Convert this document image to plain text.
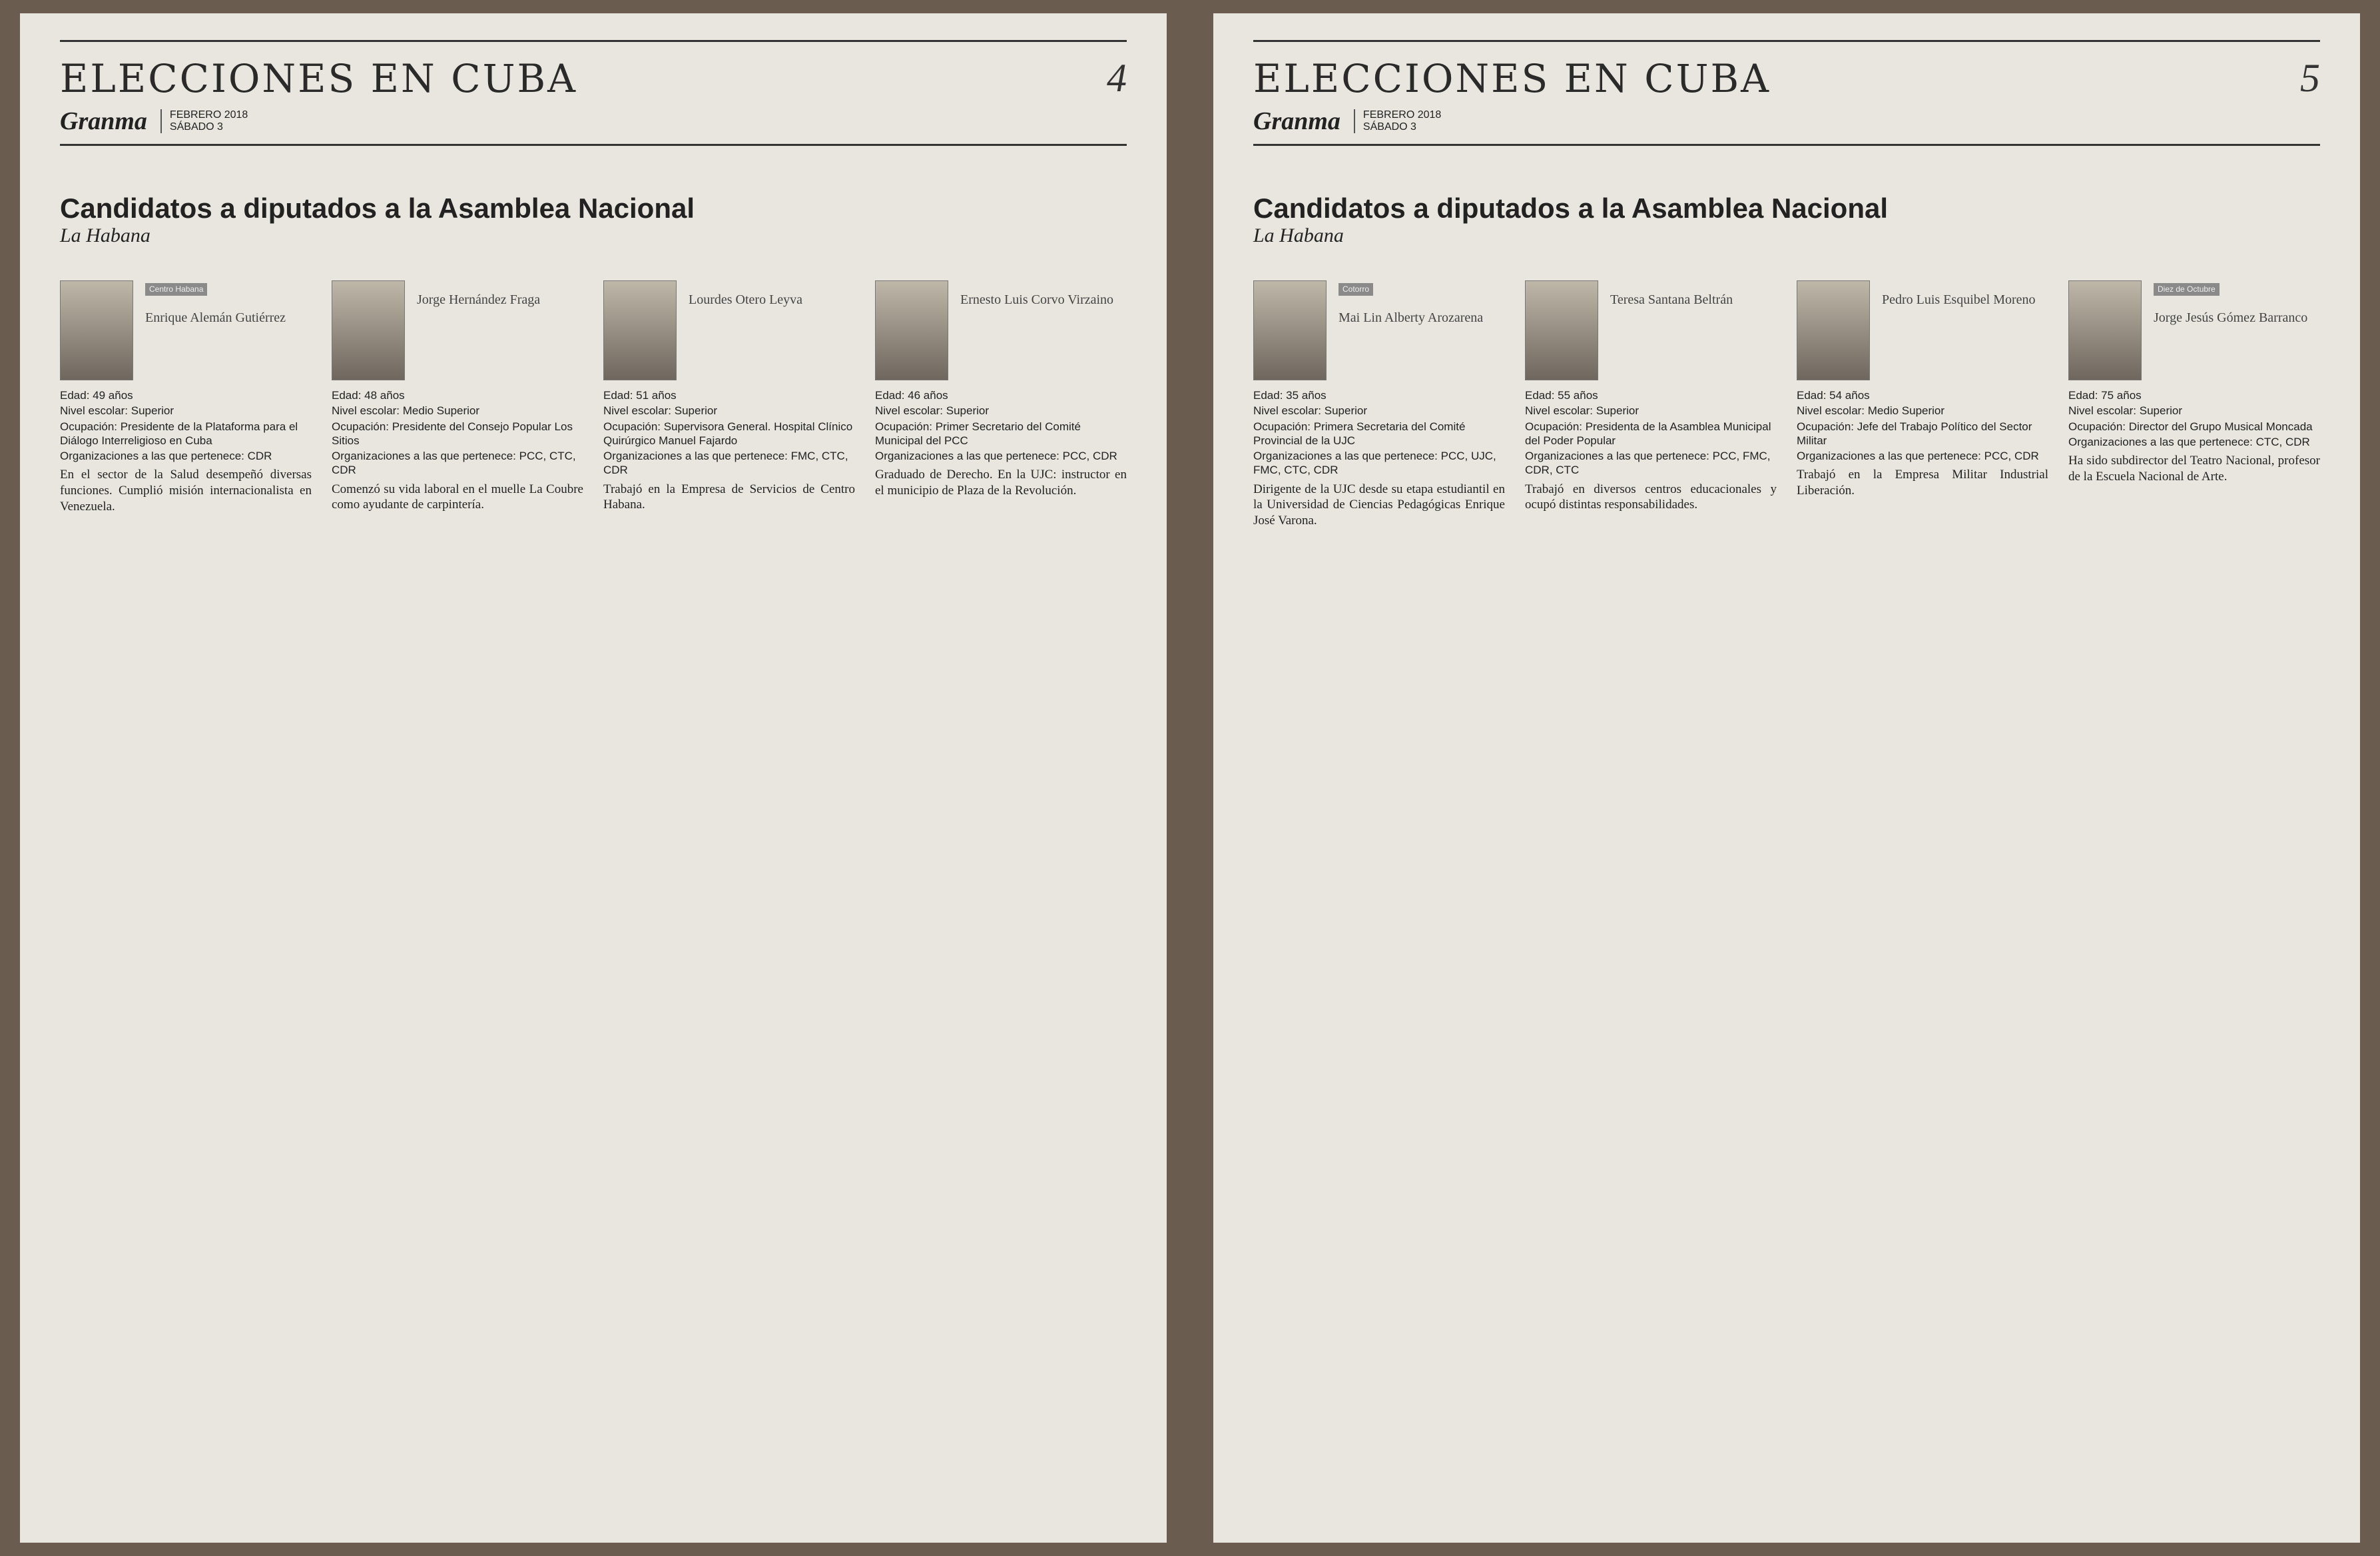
ELECCIONES EN CUBA	4
Granma FEBRERO 2018
SÁBADO 3
Candidatos a diputados a la Asamblea Nacional
La Habana
Centro Habana
Enrique Alemán Gutiérrez
Edad: 49 años
Nivel escolar: Superior
Ocupación: Presidente de la Plataforma para el Diálogo Interreligioso en Cuba
Organizaciones a las que pertenece: CDR
En el sector de la Salud desempeñó diversas funciones. Cumplió misión internacionalista en Venezuela.
Jorge Hernández Fraga
Edad: 48 años
Nivel escolar: Medio Superior
Ocupación: Presidente del Consejo Popular Los Sitios
Organizaciones a las que pertenece: PCC, CTC, CDR
Comenzó su vida laboral en el muelle La Coubre como ayudante de carpintería.
Lourdes Otero Leyva
Edad: 51 años
Nivel escolar: Superior
Ocupación: Supervisora General. Hospital Clínico Quirúrgico Manuel Fajardo
Organizaciones a las que pertenece: FMC, CTC, CDR
Trabajó en la Empresa de Servicios de Centro Habana.
Ernesto Luis Corvo Virzaino
Edad: 46 años
Nivel escolar: Superior
Ocupación: Primer Secretario del Comité Municipal del PCC
Organizaciones a las que pertenece: PCC, CDR
Graduado de Derecho. En la UJC: instructor en el municipio de Plaza de la Revolución.
ELECCIONES EN CUBA	5
Granma FEBRERO 2018
SÁBADO 3
Candidatos a diputados a la Asamblea Nacional
La Habana
Cotorro
Mai Lin Alberty Arozarena
Edad: 35 años
Nivel escolar: Superior
Ocupación: Primera Secretaria del Comité Provincial de la UJC
Organizaciones a las que pertenece: PCC, UJC, FMC, CTC, CDR
Dirigente de la UJC desde su etapa estudiantil en la Universidad de Ciencias Pedagógicas Enrique José Varona.
Teresa Santana Beltrán
Edad: 55 años
Nivel escolar: Superior
Ocupación: Presidenta de la Asamblea Municipal del Poder Popular
Organizaciones a las que pertenece: PCC, FMC, CDR, CTC
Trabajó en diversos centros educacionales y ocupó distintas responsabilidades.
Pedro Luis Esquibel Moreno
Edad: 54 años
Nivel escolar: Medio Superior
Ocupación: Jefe del Trabajo Político del Sector Militar
Organizaciones a las que pertenece: PCC, CDR
Trabajó en la Empresa Militar Industrial Liberación.
Diez de Octubre
Jorge Jesús Gómez Barranco
Edad: 75 años
Nivel escolar: Superior
Ocupación: Director del Grupo Musical Moncada
Organizaciones a las que pertenece: CTC, CDR
Ha sido subdirector del Teatro Nacional, profesor de la Escuela Nacional de Arte.
